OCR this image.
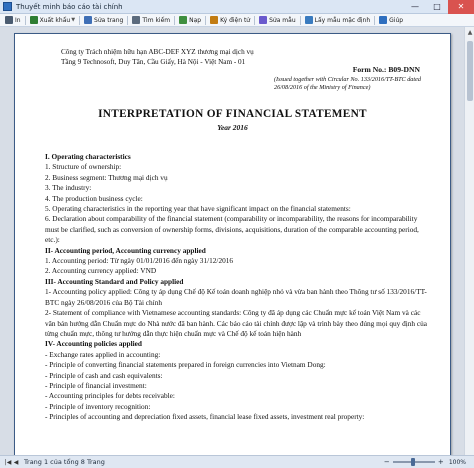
Thuyết minh báo cáo tài chính	—	□	✕
In	Xuất khẩu ▼	Sửa trang	Tìm kiếm	Nạp	Ký điện tử	Sửa mẫu	Lấy mẫu mặc định	Giúp
Công ty Trách nhiệm hữu hạn ABC-DEF XYZ thương mại dịch vụ
Tầng 9 Technosoft, Duy Tân, Cầu Giấy, Hà Nội - Việt Nam - 01
Form No.: B09-DNN
(Issued together with Circular No. 133/2016/TT-BTC dated 26/08/2016 of the Ministry of Finance)
INTERPRETATION OF FINANCIAL STATEMENT
Year 2016
I. Operating characteristics
1. Structure of ownership:
2. Business segment: Thương mại dịch vụ
3. The industry:
4. The production business cycle:
5. Operating characteristics in the reporting year that have significant impact on the financial statements:
6. Declaration about comparability of the financial statement (comparability or incomparability, the reasons for incomparability must be clarified, such as conversion of ownership forms, divisions, acquisitions, duration of the comparable accounting period, etc.):
II- Accounting period, Accounting currency applied
1. Accounting period: Từ ngày 01/01/2016 đến ngày 31/12/2016
2. Accounting currency applied: VND
III- Accounting Standard and Policy applied
1- Accounting policy applied: Công ty áp dụng Chế độ Kế toán doanh nghiệp nhỏ và vừa ban hành theo Thông tư số 133/2016/TT-BTC ngày 26/08/2016 của Bộ Tài chính
2- Statement of compliance with Vietnamese accounting standards: Công ty đã áp dụng các Chuẩn mực kế toán Việt Nam và các văn bản hướng dẫn Chuẩn mực do Nhà nước đã ban hành. Các báo cáo tài chính được lập và trình bày theo đúng mọi quy định của từng chuẩn mực, thông tư hướng dẫn thực hiện chuẩn mực và Chế độ kế toán hiện hành
IV- Accounting policies applied
- Exchange rates applied in accounting:
- Principle of converting financial statements prepared in foreign currencies into Vietnam Dong:
- Principle of cash and cash equivalents:
- Principle of financial investment:
- Accounting principles for debts receivable:
- Principle of inventory recognition:
- Principles of accounting and depreciation fixed assets, financial lease fixed assets, investment real property:
▲
|◀ ◀ Trang 1 của tổng 8 Trang	−	+ 100%
